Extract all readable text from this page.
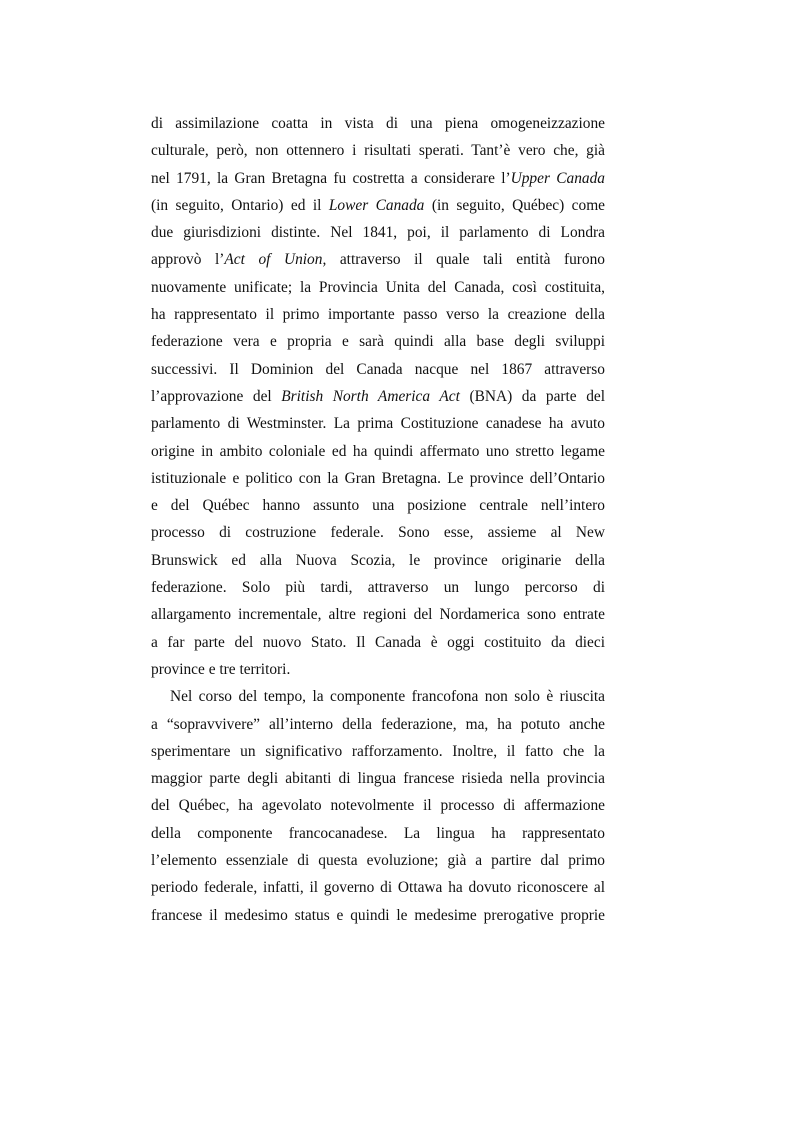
di assimilazione coatta in vista di una piena omogeneizzazione
culturale, però, non ottennero i risultati sperati. Tant’è vero che, già
nel 1791, la Gran Bretagna fu costretta a considerare l’Upper Canada
(in seguito, Ontario) ed il Lower Canada (in seguito, Québec) come
due giurisdizioni distinte. Nel 1841, poi, il parlamento di Londra
approvò l’Act of Union, attraverso il quale tali entità furono
nuovamente unificate; la Provincia Unita del Canada, così costituita,
ha rappresentato il primo importante passo verso la creazione della
federazione vera e propria e sarà quindi alla base degli sviluppi
successivi. Il Dominion del Canada nacque nel 1867 attraverso
l’approvazione del British North America Act (BNA) da parte del
parlamento di Westminster. La prima Costituzione canadese ha avuto
origine in ambito coloniale ed ha quindi affermato uno stretto legame
istituzionale e politico con la Gran Bretagna. Le province dell’Ontario
e del Québec hanno assunto una posizione centrale nell’intero
processo di costruzione federale. Sono esse, assieme al New
Brunswick ed alla Nuova Scozia, le province originarie della
federazione. Solo più tardi, attraverso un lungo percorso di
allargamento incrementale, altre regioni del Nordamerica sono entrate
a far parte del nuovo Stato. Il Canada è oggi costituito da dieci
province e tre territori.
Nel corso del tempo, la componente francofona non solo è riuscita
a “sopravvivere” all’interno della federazione, ma, ha potuto anche
sperimentare un significativo rafforzamento. Inoltre, il fatto che la
maggior parte degli abitanti di lingua francese risieda nella provincia
del Québec, ha agevolato notevolmente il processo di affermazione
della componente francocanadese. La lingua ha rappresentato
l’elemento essenziale di questa evoluzione; già a partire dal primo
periodo federale, infatti, il governo di Ottawa ha dovuto riconoscere al
francese il medesimo status e quindi le medesime prerogative proprie
